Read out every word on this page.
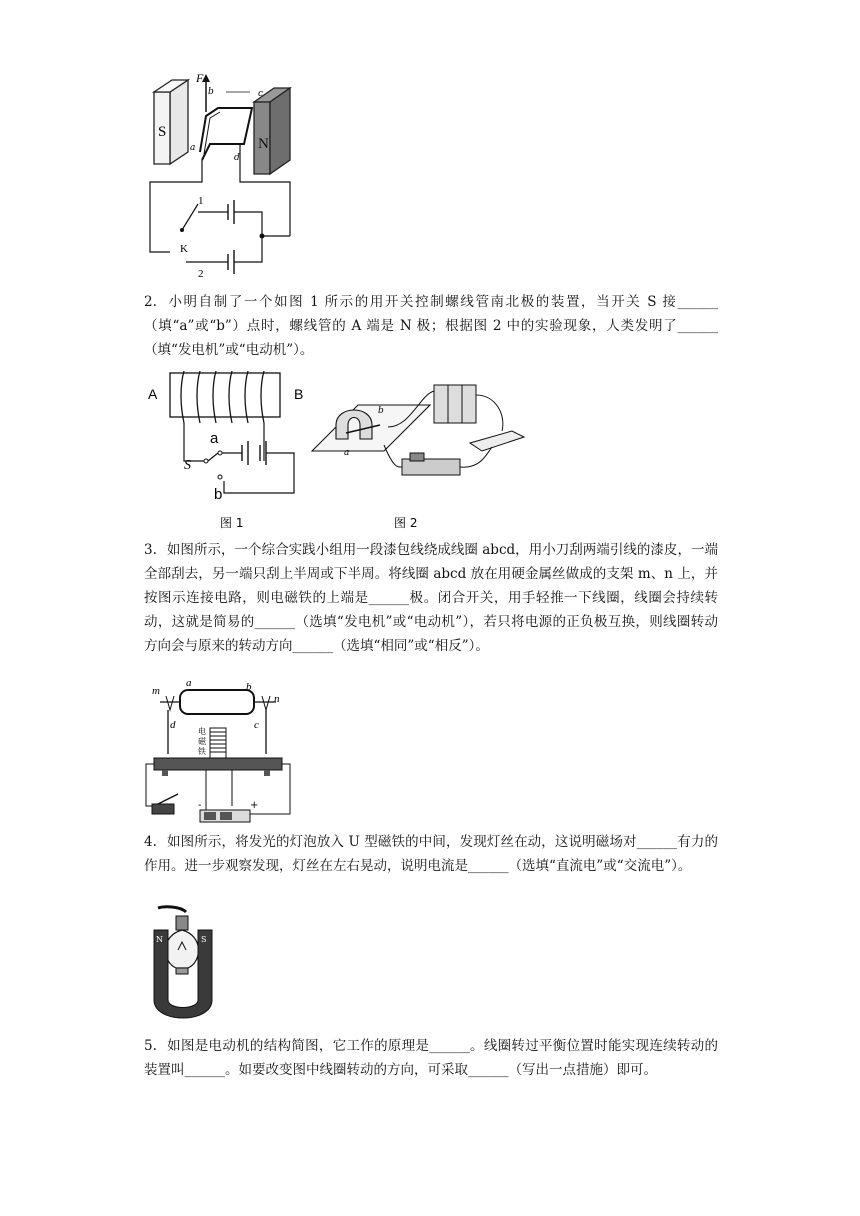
S
N
F
b	c
a
d
1
K
2
2. 小明自制了一个如图 1 所示的用开关控制螺线管南北极的装置，当开关 S 接______（填“a”或“b”）点时，螺线管的 A 端是 N 极；根据图 2 中的实验现象，人类发明了______（填“发电机”或“电动机”）。
A	B
a
S
b
b
a
图 1	图 2
3. 如图所示，一个综合实践小组用一段漆包线绕成线圈 abcd，用小刀刮两端引线的漆皮，一端全部刮去，另一端只刮上半周或下半周。将线圈 abcd 放在用硬金属丝做成的支架 m、n 上，并按图示连接电路，则电磁铁的上端是______极。闭合开关，用手轻推一下线圈，线圈会持续转动，这就是简易的______（选填“发电机”或“电动机”），若只将电源的正负极互换，则线圈转动方向会与原来的转动方向______（选填“相同”或“相反”）。
m
a	b
n
d	c
电
磁
铁
-	+
4. 如图所示，将发光的灯泡放入 U 型磁铁的中间，发现灯丝在动，这说明磁场对______有力的作用。进一步观察发现，灯丝在左右晃动，说明电流是______（选填“直流电”或“交流电”）。
N	S
5. 如图是电动机的结构简图，它工作的原理是______。线圈转过平衡位置时能实现连续转动的装置叫______。如要改变图中线圈转动的方向，可采取______（写出一点措施）即可。
